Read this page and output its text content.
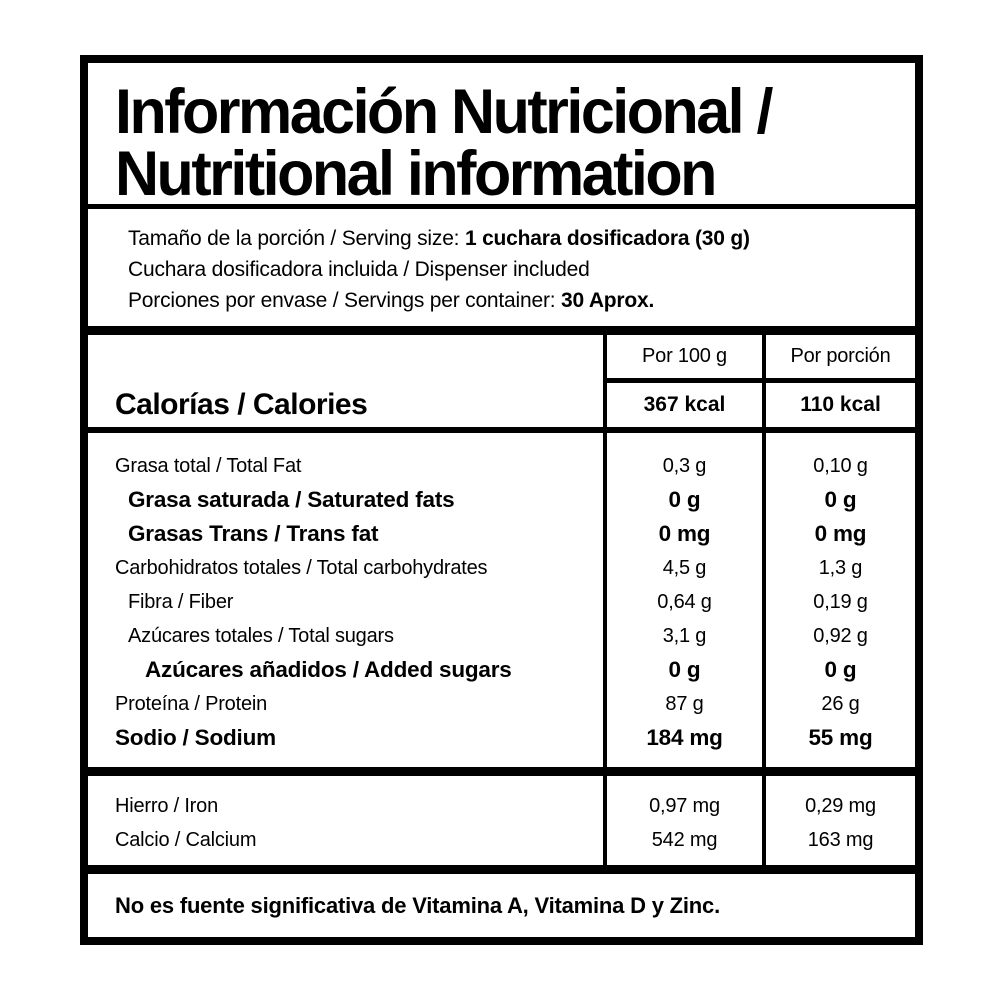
Información Nutricional /
Nutritional information

Tamaño de la porción / Serving size: 1 cuchara dosificadora (30 g)

Cuchara dosificadora incluida / Dispenser included

Porciones por envase / Servings per container: 30 Aprox.

Calorías / Calories
Por 100 g
367 kcal
Por porción
110 kcal
Grasa total / Total Fat
Grasa saturada / Saturated fats
Grasas Trans / Trans fat
Carbohidratos totales / Total carbohydrates
Fibra / Fiber
Azúcares totales / Total sugars
Azúcares añadidos / Added sugars
Proteína / Protein
Sodio / Sodium
0,3 g
0 g
0 mg
4,5 g
0,64 g
3,1 g
0 g
87 g
184 mg
0,10 g
0 g
0 mg
1,3 g
0,19 g
0,92 g
0 g
26 g
55 mg
Hierro / Iron
Calcio / Calcium
0,97 mg
542 mg
0,29 mg
163 mg

No es fuente significativa de Vitamina A, Vitamina D y Zinc.
